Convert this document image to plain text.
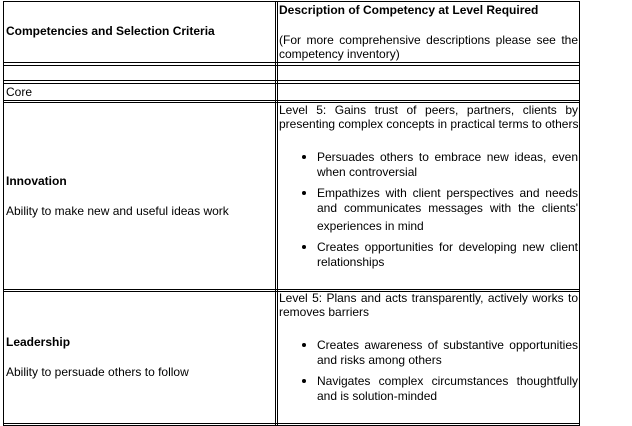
Competencies and Selection Criteria
Description of Competency at Level Required
(For more comprehensive descriptions please see the
competency inventory)
Core
Innovation
Ability to make new and useful ideas work
Level 5: Gains trust of peers, partners, clients by
presenting complex concepts in practical terms to others
Persuades others to embrace new ideas, even
when controversial
Empathizes with client perspectives and needs
and communicates messages with the clients'
experiences in mind
Creates opportunities for developing new client
relationships
Leadership
Ability to persuade others to follow
Level 5: Plans and acts transparently, actively works to
removes barriers
Creates awareness of substantive opportunities
and risks among others
Navigates complex circumstances thoughtfully
and is solution-minded
